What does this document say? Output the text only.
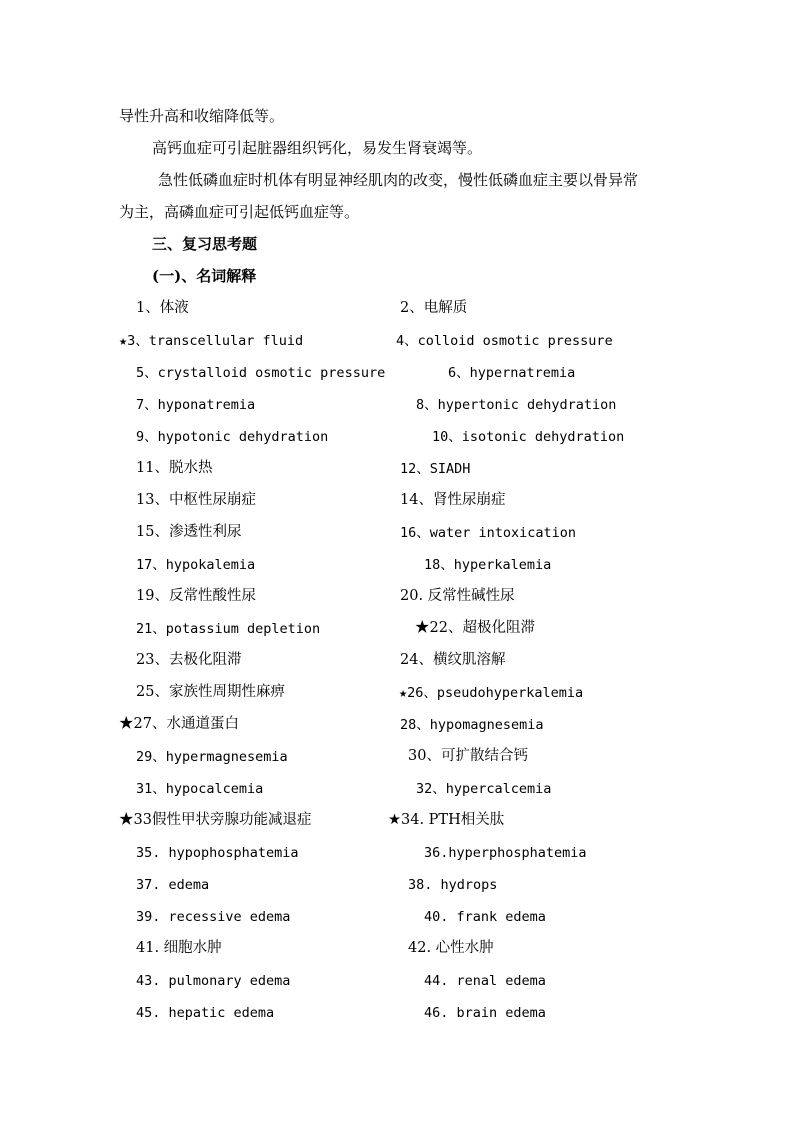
导性升高和收缩降低等。
高钙血症可引起脏器组织钙化，易发生肾衰竭等。
急性低磷血症时机体有明显神经肌肉的改变，慢性低磷血症主要以骨异常
为主，高磷血症可引起低钙血症等。
三、复习思考题
(一)、名词解释
1、体液	2、电解质
★3、transcellular fluid	4、colloid osmotic pressure
5、crystalloid osmotic pressure	6、hypernatremia
7、hyponatremia	8、hypertonic dehydration
9、hypotonic dehydration	10、isotonic dehydration
11、脱水热	12、SIADH
13、中枢性尿崩症	14、肾性尿崩症
15、渗透性利尿	16、water intoxication
17、hypokalemia	18、hyperkalemia
19、反常性酸性尿	20. 反常性碱性尿
21、potassium depletion	★22、超极化阻滞
23、去极化阻滞	24、横纹肌溶解
25、家族性周期性麻痹	★26、pseudohyperkalemia
★27、水通道蛋白	28、hypomagnesemia
29、hypermagnesemia	30、可扩散结合钙
31、hypocalcemia	32、hypercalcemia
★33假性甲状旁腺功能减退症	★34. PTH相关肽
35. hypophosphatemia	36.hyperphosphatemia
37. edema	38. hydrops
39. recessive edema	40. frank edema
41. 细胞水肿	42. 心性水肿
43. pulmonary edema	44. renal edema
45. hepatic edema	46. brain edema
